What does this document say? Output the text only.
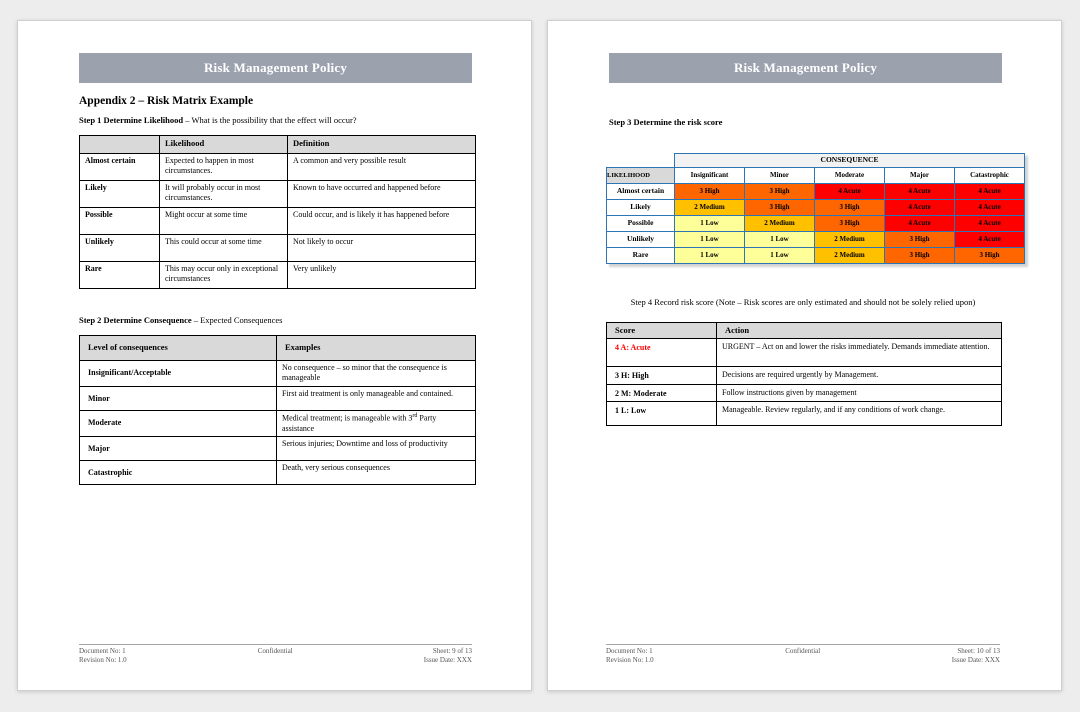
Risk Management Policy
Appendix 2 – Risk Matrix Example
Step 1 Determine Likelihood – What is the possibility that the effect will occur?
	Likelihood	Definition
Almost certain	Expected to happen in most circumstances.	A common and very possible result
Likely	It will probably occur in most circumstances.	Known to have occurred and happened before
Possible	Might occur at some time	Could occur, and is likely it has happened before
Unlikely	This could occur at some time	Not likely to occur
Rare	This may occur only in exceptional circumstances	Very unlikely
Step 2 Determine Consequence – Expected Consequences
Level of consequences	Examples
Insignificant/Acceptable	No consequence – so minor that the consequence is manageable
Minor	First aid treatment is only manageable and contained.
Moderate	Medical treatment; is manageable with 3rd Party assistance
Major	Serious injuries; Downtime and loss of productivity
Catastrophic	Death, very serious consequences
Document No: 1
Revision No: 1.0
Confidential	Sheet: 9 of 13
Issue Date: XXX
Risk Management Policy
Step 3 Determine the risk score
	CONSEQUENCE				
LIKELIHOOD	Insignificant	Minor	Moderate	Major	Catastrophic
Almost certain	3 High	3 High	4 Acute	4 Acute	4 Acute
Likely	2 Medium	3 High	3 High	4 Acute	4 Acute
Possible	1 Low	2 Medium	3 High	4 Acute	4 Acute
Unlikely	1 Low	1 Low	2 Medium	3 High	4 Acute
Rare	1 Low	1 Low	2 Medium	3 High	3 High
Step 4 Record risk score (Note – Risk scores are only estimated and should not be solely relied upon)
Score	Action
4 A: Acute	URGENT – Act on and lower the risks immediately. Demands immediate attention.
3 H: High	Decisions are required urgently by Management.
2 M: Moderate	Follow instructions given by management
1 L: Low	Manageable. Review regularly, and if any conditions of work change.
Document No: 1
Revision No: 1.0
Confidential	Sheet: 10 of 13
Issue Date: XXX
